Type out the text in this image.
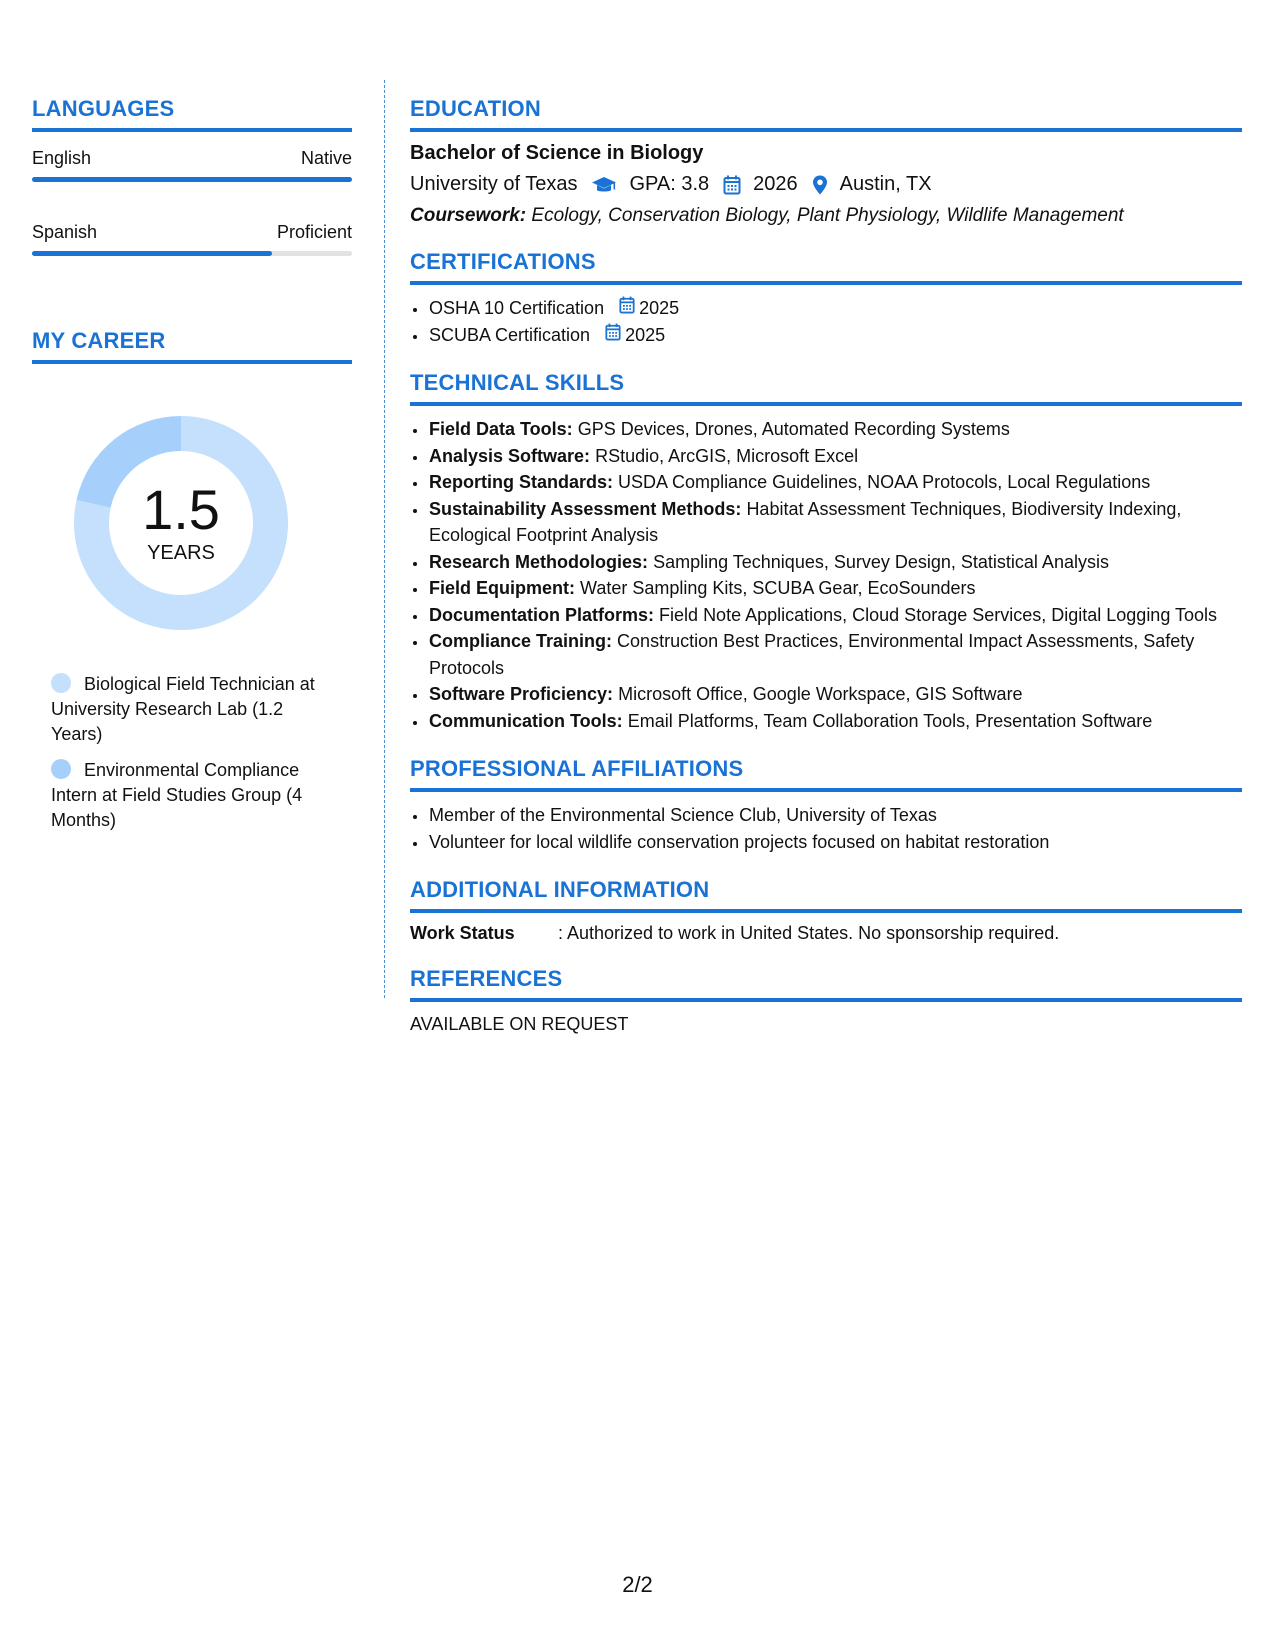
LANGUAGES
English	Native
Spanish	Proficient
MY CAREER
1.5
YEARS
Biological Field Technician at University Research Lab (1.2 Years)
Environmental Compliance Intern at Field Studies Group (4 Months)
EDUCATION
Bachelor of Science in Biology
University of Texas	GPA: 3.8 2026 Austin, TX
Coursework: Ecology, Conservation Biology, Plant Physiology, Wildlife Management
CERTIFICATIONS
• OSHA 10 Certification 2025
• SCUBA Certification 2025
TECHNICAL SKILLS
• Field Data Tools: GPS Devices, Drones, Automated Recording Systems
• Analysis Software: RStudio, ArcGIS, Microsoft Excel
• Reporting Standards: USDA Compliance Guidelines, NOAA Protocols, Local Regulations
• Sustainability Assessment Methods: Habitat Assessment Techniques, Biodiversity Indexing, Ecological Footprint Analysis
• Research Methodologies: Sampling Techniques, Survey Design, Statistical Analysis
• Field Equipment: Water Sampling Kits, SCUBA Gear, EcoSounders
• Documentation Platforms: Field Note Applications, Cloud Storage Services, Digital Logging Tools
• Compliance Training: Construction Best Practices, Environmental Impact Assessments, Safety Protocols
• Software Proficiency: Microsoft Office, Google Workspace, GIS Software
• Communication Tools: Email Platforms, Team Collaboration Tools, Presentation Software
PROFESSIONAL AFFILIATIONS
• Member of the Environmental Science Club, University of Texas
• Volunteer for local wildlife conservation projects focused on habitat restoration
ADDITIONAL INFORMATION
Work Status	: Authorized to work in United States. No sponsorship required.
REFERENCES
AVAILABLE ON REQUEST
2/2
